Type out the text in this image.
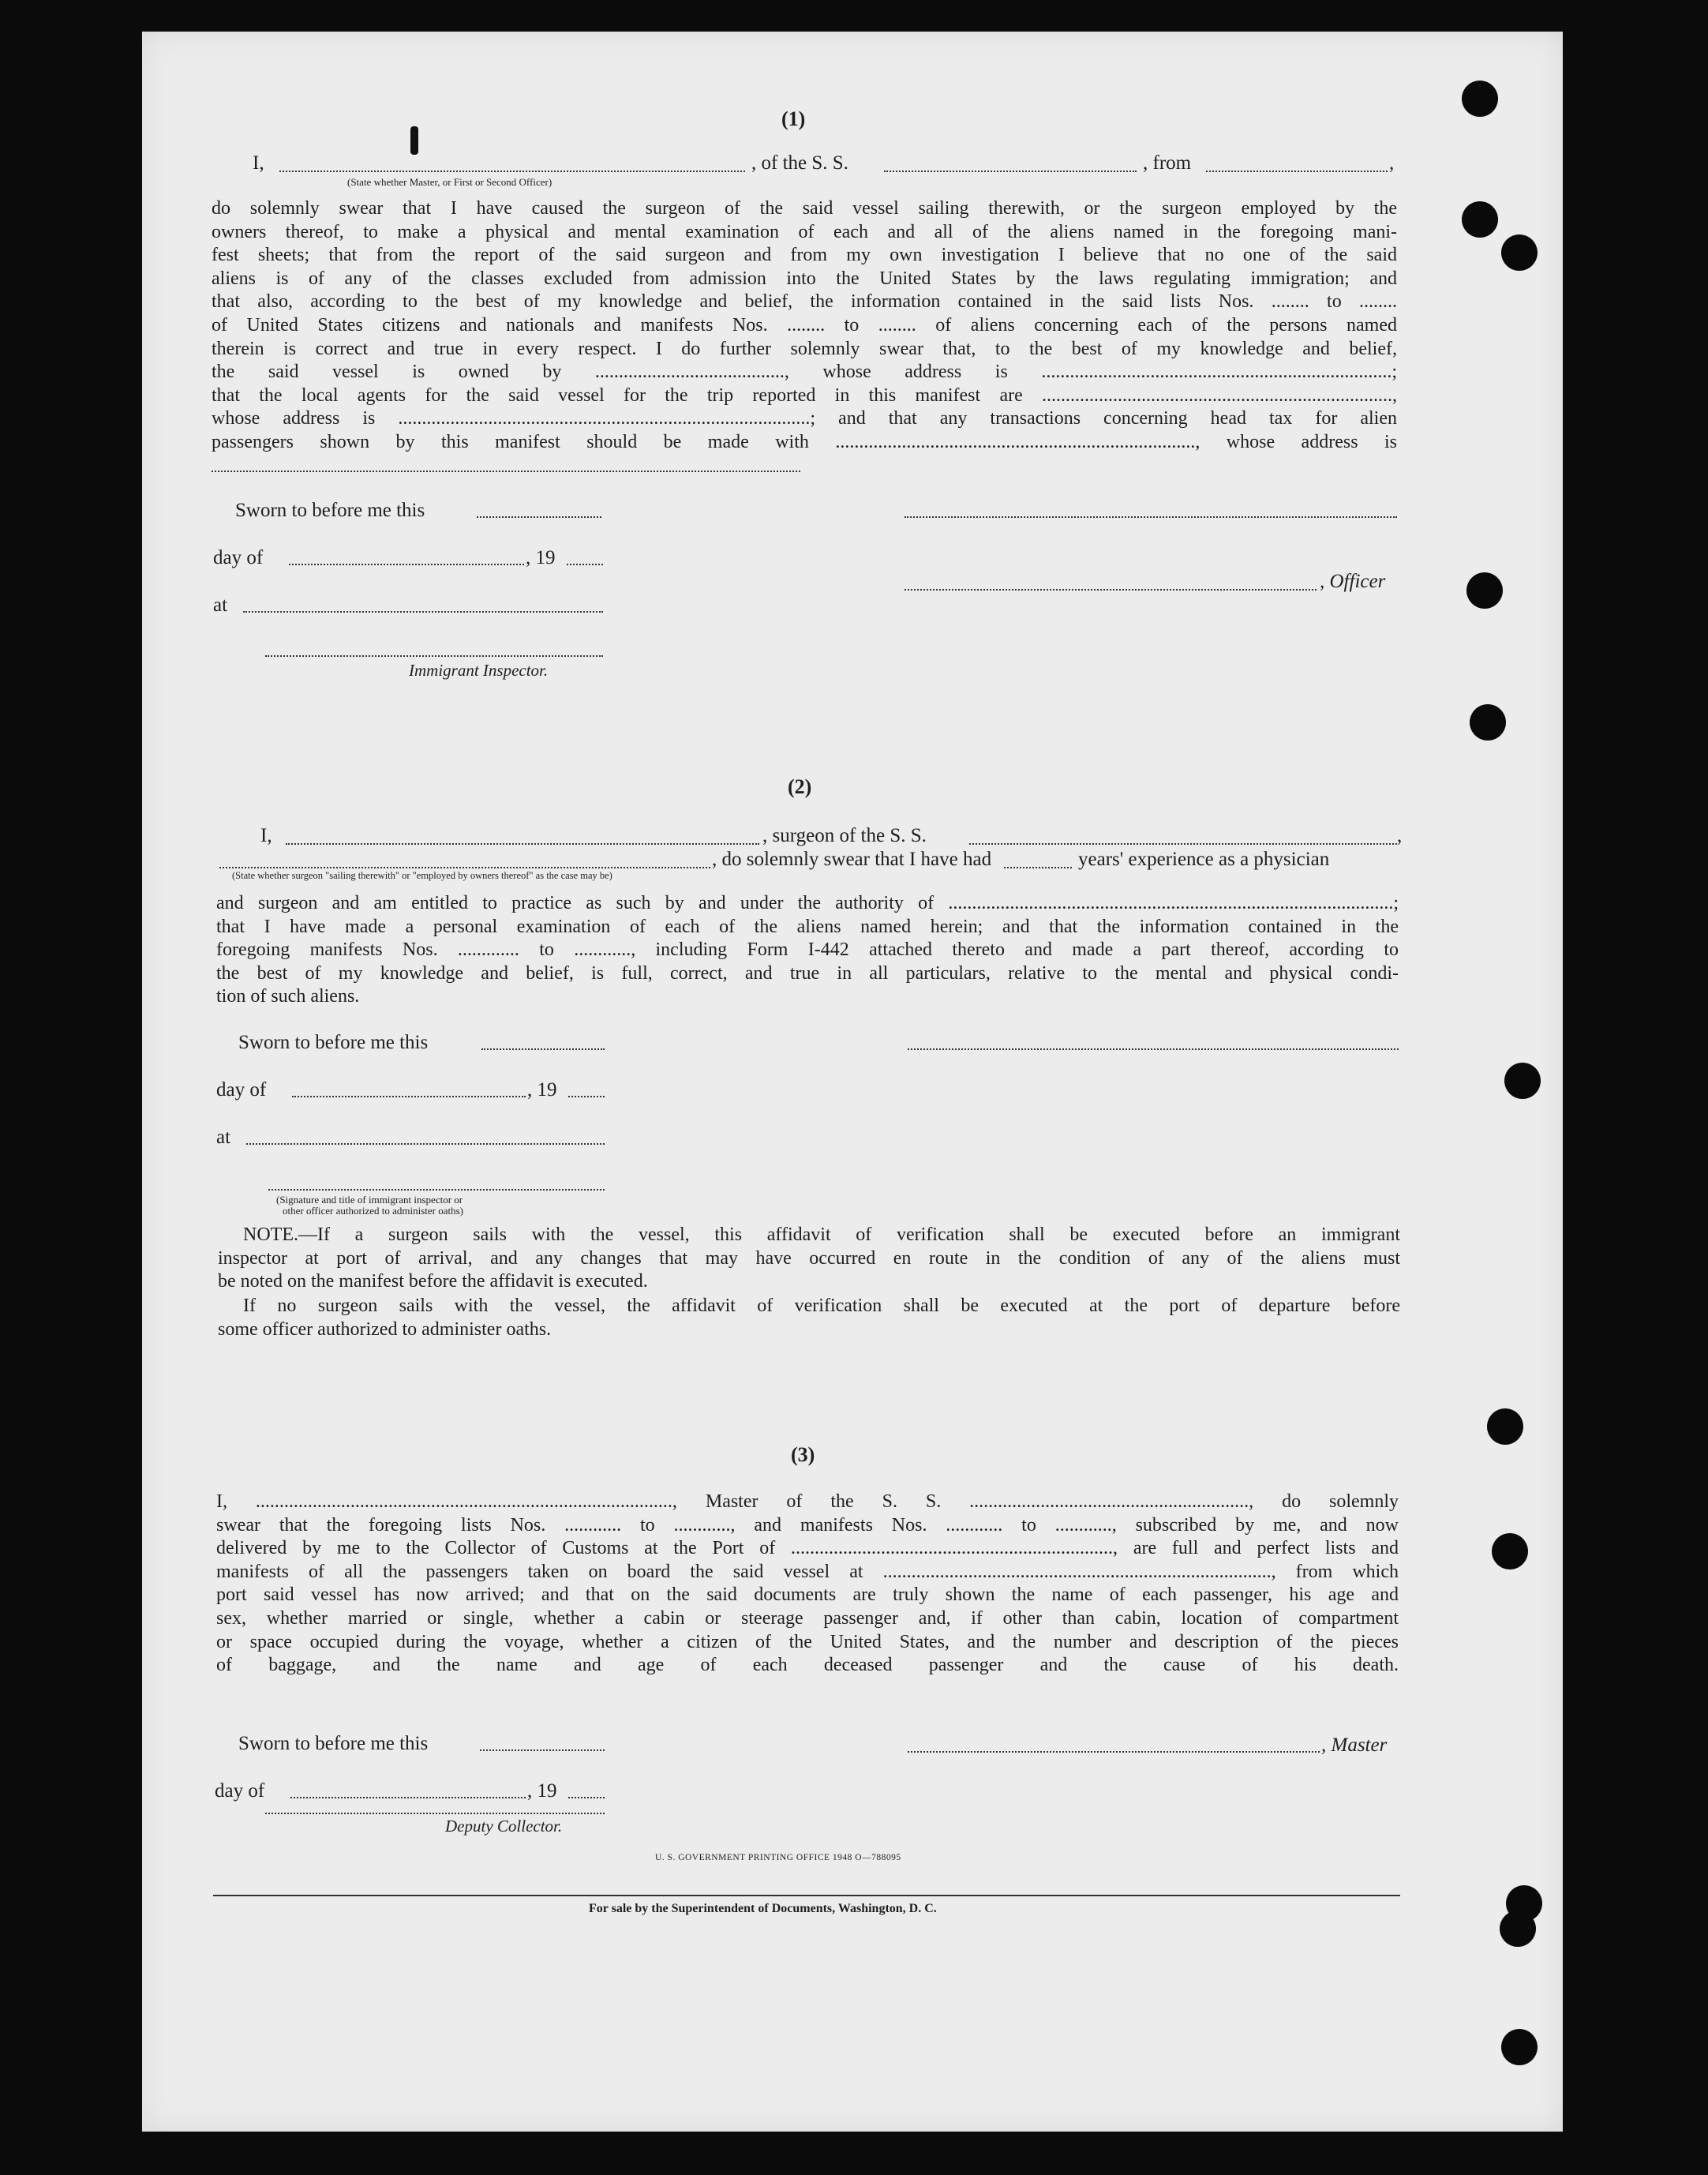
(1)
I,	, of the S. S.	, from	,
(State whether Master, or First or Second Officer)
do solemnly swear that I have caused the surgeon of the said vessel sailing therewith, or the surgeon employed by the
owners thereof, to make a physical and mental examination of each and all of the aliens named in the foregoing mani-
fest sheets; that from the report of the said surgeon and from my own investigation I believe that no one of the said
aliens is of any of the classes excluded from admission into the United States by the laws regulating immigration; and
that also, according to the best of my knowledge and belief, the information contained in the said lists Nos. ........ to ........
of United States citizens and nationals and manifests Nos. ........ to ........ of aliens concerning each of the persons named
therein is correct and true in every respect. I do further solemnly swear that, to the best of my knowledge and belief,
the said vessel is owned by ........................................, whose address is ..........................................................................;
that the local agents for the said vessel for the trip reported in this manifest are ..........................................................................,
whose address is .......................................................................................; and that any transactions concerning head tax for alien
passengers shown by this manifest should be made with ............................................................................, whose address is
Sworn to before me this
day of	, 19
, Officer
at
Immigrant Inspector.
(2)
I,	, surgeon of the S. S.	,
, do solemnly swear that I have had	years' experience as a physician
(State whether surgeon "sailing therewith" or "employed by owners thereof" as the case may be)
and surgeon and am entitled to practice as such by and under the authority of ..............................................................................................;
that I have made a personal examination of each of the aliens named herein; and that the information contained in the
foregoing manifests Nos. ............. to ............, including Form I-442 attached thereto and made a part thereof, according to
the best of my knowledge and belief, is full, correct, and true in all particulars, relative to the mental and physical condi-
tion of such aliens.
Sworn to before me this
day of	, 19
at
(Signature and title of immigrant inspector or
other officer authorized to administer oaths)
NOTE.—If a surgeon sails with the vessel, this affidavit of verification shall be executed before an immigrant
inspector at port of arrival, and any changes that may have occurred en route in the condition of any of the aliens must
be noted on the manifest before the affidavit is executed.
If no surgeon sails with the vessel, the affidavit of verification shall be executed at the port of departure before
some officer authorized to administer oaths.
(3)
I, ........................................................................................, Master of the S. S. ..........................................................., do solemnly
swear that the foregoing lists Nos. ............ to ............, and manifests Nos. ............ to ............, subscribed by me, and now
delivered by me to the Collector of Customs at the Port of ...................................................................., are full and perfect lists and
manifests of all the passengers taken on board the said vessel at .................................................................................., from which
port said vessel has now arrived; and that on the said documents are truly shown the name of each passenger, his age and
sex, whether married or single, whether a cabin or steerage passenger and, if other than cabin, location of compartment
or space occupied during the voyage, whether a citizen of the United States, and the number and description of the pieces
of baggage, and the name and age of each deceased passenger and the cause of his death.
Sworn to before me this	, Master
day of	, 19
Deputy Collector.
U. S. GOVERNMENT PRINTING OFFICE 1948 O—788095
For sale by the Superintendent of Documents, Washington, D. C.
